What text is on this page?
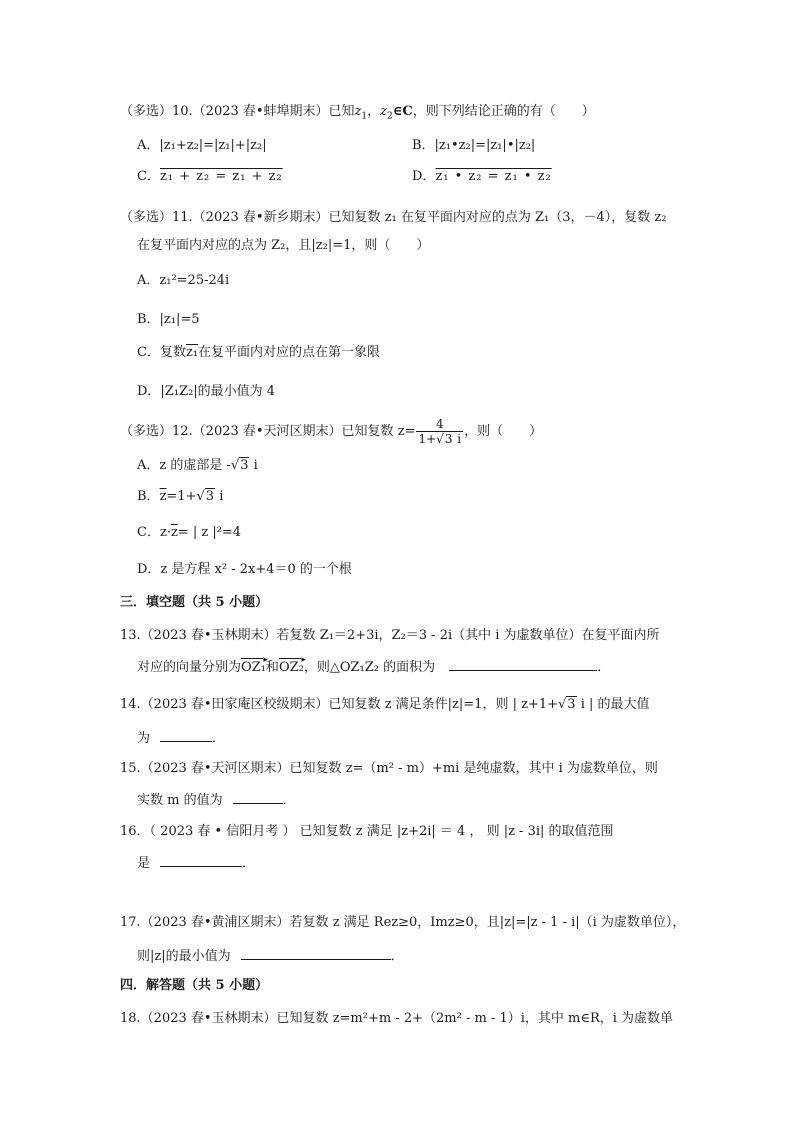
（多选）10.（2023 春•蚌埠期末）已知$z_1$，$z_2\in C$，则下列结论正确的有（　　）
A．|z₁+z₂|=|z₁|+|z₂|	B．|z₁•z₂|=|z₁|•|z₂|
C．z₁ + z₂ = z₁ + z₂	D．z₁ • z₂ = z₁ • z₂
（多选）11.（2023 春•新乡期末）已知复数 z₁ 在复平面内对应的点为 Z₁（3，－4），复数 z₂
在复平面内对应的点为 Z₂，且|z₂|=1，则（　　）
A．z₁²=25-24i
B．|z₁|=5
C．复数z₁在复平面内对应的点在第一象限
D．|Z₁Z₂|的最小值为 4
（多选）12.（2023 春•天河区期末）已知复数 $z= \frac{4}{1+√3 i}$ ，则（　　）
A．z 的虚部是 -√3 i
B．$\overline{z}=1+√3$ i
C．$z\cdot\overline{z}=$ | z |²=4
D．z 是方程 x² - 2x+4＝0 的一个根
三．填空题（共 5 小题）
13.（2023 春•玉林期末）若复数 Z₁＝2+3i，Z₂＝3 - 2i（其中 i 为虚数单位）在复平面内所
对应的向量分别为OZ₁ ▸和OZ₂ ▸，则△OZ₁Z₂ 的面积为	．
14.（2023 春•田家庵区校级期末）已知复数 z 满足条件|z|=1，则 | z+1+√3 i | 的最大值
为	．
15.（2023 春•天河区期末）已知复数 z=（m² - m）+mi 是纯虚数，其中 i 为虚数单位，则
实数 m 的值为	．
16．（ 2023 春 • 信阳月考 ） 已知复数 z 满足 |z+2i| ＝ 4 ， 则 |z - 3i| 的取值范围
是	．
17.（2023 春•黄浦区期末）若复数 z 满足 Rez≥0，Imz≥0，且|z|=|z - 1 - i|（i 为虚数单位），
则|z|的最小值为	．
四．解答题（共 5 小题）
18.（2023 春•玉林期末）已知复数 z=m²+m - 2+（2m² - m - 1）i，其中 m∈R，i 为虚数单
